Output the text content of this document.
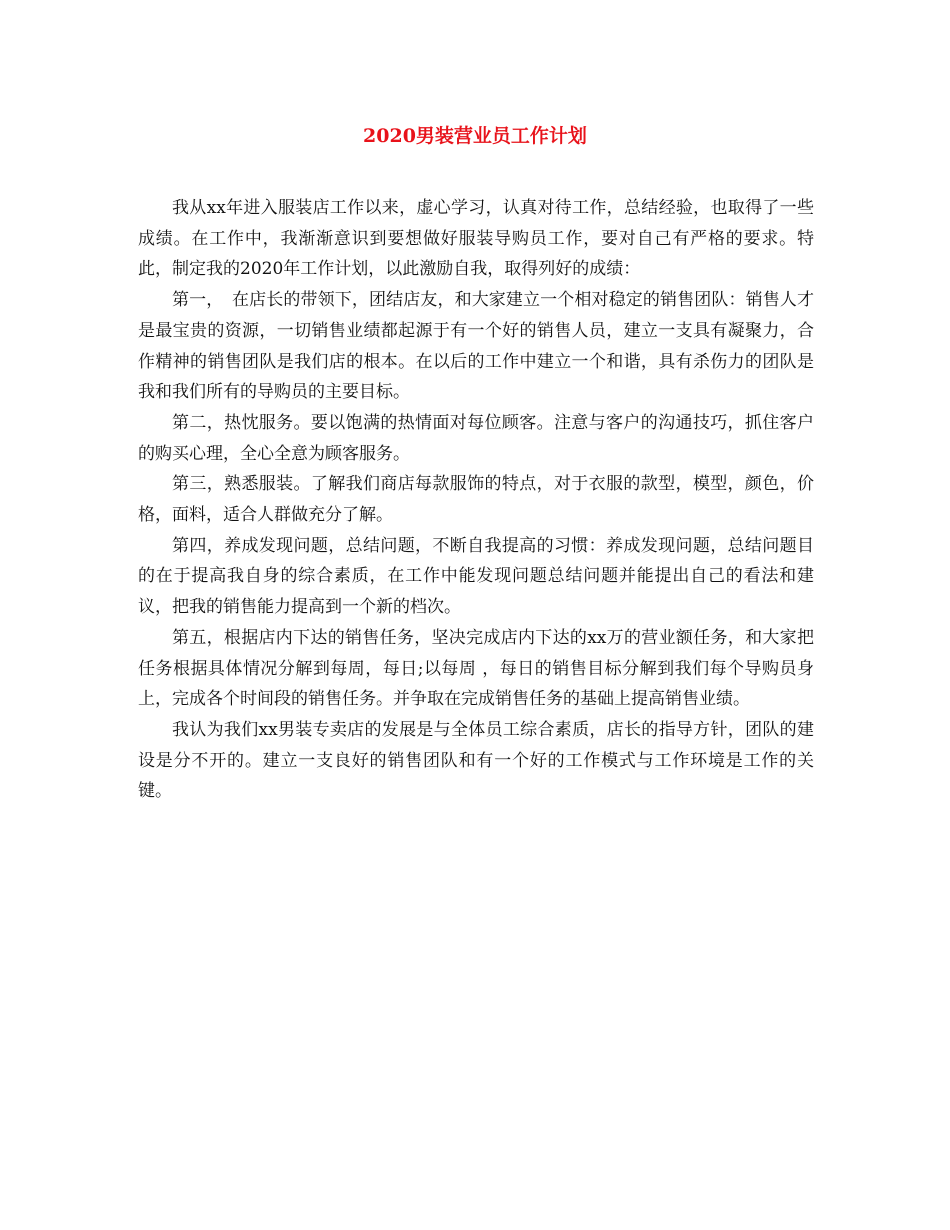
2020男装营业员工作计划

我从xx年进入服装店工作以来，虚心学习，认真对待工作，总结经验，也取得了一些成绩。在工作中，我渐渐意识到要想做好服装导购员工作，要对自己有严格的要求。特此，制定我的2020年工作计划，以此激励自我，取得列好的成绩：

第一，　在店长的带领下，团结店友，和大家建立一个相对稳定的销售团队：销售人才是最宝贵的资源，一切销售业绩都起源于有一个好的销售人员，建立一支具有凝聚力，合作精神的销售团队是我们店的根本。在以后的工作中建立一个和谐，具有杀伤力的团队是我和我们所有的导购员的主要目标。

第二，热忱服务。要以饱满的热情面对每位顾客。注意与客户的沟通技巧，抓住客户的购买心理，全心全意为顾客服务。

第三，熟悉服装。了解我们商店每款服饰的特点，对于衣服的款型，模型，颜色，价格，面料，适合人群做充分了解。

第四，养成发现问题，总结问题，不断自我提高的习惯：养成发现问题，总结问题目的在于提高我自身的综合素质，在工作中能发现问题总结问题并能提出自己的看法和建议，把我的销售能力提高到一个新的档次。

第五，根据店内下达的销售任务，坚决完成店内下达的xx万的营业额任务，和大家把任务根据具体情况分解到每周，每日;以每周 ，每日的销售目标分解到我们每个导购员身上，完成各个时间段的销售任务。并争取在完成销售任务的基础上提高销售业绩。

我认为我们xx男装专卖店的发展是与全体员工综合素质，店长的指导方针，团队的建设是分不开的。建立一支良好的销售团队和有一个好的工作模式与工作环境是工作的关键。
